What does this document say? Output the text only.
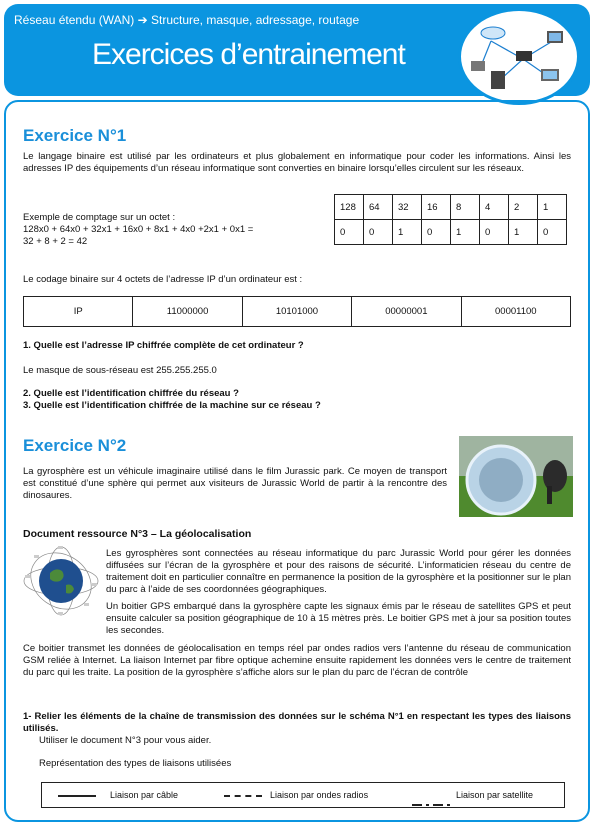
Réseau étendu (WAN) ➔ Structure, masque, adressage, routage
Exercices d’entrainement
Exercice N°1
Le langage binaire est utilisé par les ordinateurs et plus globalement en informatique pour coder les informations. Ainsi les adresses IP des équipements d’un réseau informatique sont converties en binaire lorsqu’elles circulent sur les réseaux.
Exemple de comptage sur un octet :
128x0 + 64x0 + 32x1 + 16x0 + 8x1 + 4x0 +2x1 + 0x1 =
32 + 8 + 2 = 42
128	64	32	16	8	4	2	1
0	0	1	0	1	0	1	0
Le codage binaire sur 4 octets de l’adresse IP d’un ordinateur est :
IP	11000000	10101000	00000001	00001100
1. Quelle est l’adresse IP chiffrée complète de cet ordinateur ?
Le masque de sous-réseau est 255.255.255.0
2. Quelle est l’identification chiffrée du réseau ?
3. Quelle est l’identification chiffrée de la machine sur ce réseau ?
Exercice N°2
La gyrosphère est un véhicule imaginaire utilisé dans le film Jurassic park. Ce moyen de transport est constitué d’une sphère qui permet aux visiteurs de Jurassic World de partir à la rencontre des dinosaures.
Document ressource N°3 – La géolocalisation
Les gyrosphères sont connectées au réseau informatique du parc Jurassic World pour gérer les données diffusées sur l’écran de la gyrosphère et pour des raisons de sécurité. L’informaticien réseau du centre de traitement doit en particulier connaître en permanence la position de la gyrosphère et la positionner sur le plan du parc à l’aide de ses coordonnées géographiques.
Un boitier GPS embarqué dans la gyrosphère capte les signaux émis par le réseau de satellites GPS et peut ensuite calculer sa position géographique de 10 à 15 mètres près. Le boitier GPS met à jour sa position toutes les secondes.
Ce boitier transmet les données de géolocalisation en temps réel par ondes radios vers l’antenne du réseau de communication GSM reliée à Internet. La liaison Internet par fibre optique achemine ensuite rapidement les données vers le centre de traitement du parc qui les traite. La position de la gyrosphère s’affiche alors sur le plan du parc de l’écran de contrôle
1- Relier les éléments de la chaîne de transmission des données sur le schéma N°1 en respectant les types des liaisons utilisés.
Utiliser le document N°3 pour vous aider.
Représentation des types de liaisons utilisées
Liaison par câble	Liaison par ondes radios	Liaison par satellite
